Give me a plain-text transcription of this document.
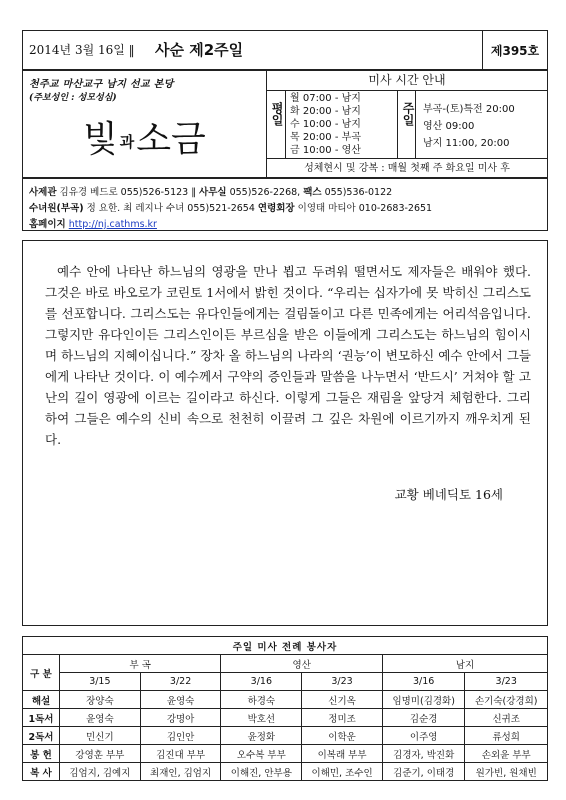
2014년 3월 16일 ‖ 사순 제2주일	제395호
천주교 마산교구 남지 선교 본당
(주보성인 : 성모성심)
빛과소금
미사 시간 안내
평일
월 07:00 - 남지
화 20:00 - 남지
수 10:00 - 남지
목 20:00 - 부곡
금 10:00 - 영산
주일 부곡-(토)특전 20:00
영산 09:00
남지 11:00, 20:00
성체현시 및 강복 : 매월 첫째 주 화요일 미사 후
사제관 김유경 베드로 055)526-5123 ‖ 사무실 055)526-2268, 팩스 055)536-0122
수녀원(부곡) 정 요한. 최 레지나 수녀 055)521-2654 연령회장 이영태 마티아 010-2683-2651
홈페이지 http://nj.cathms.kr
예수 안에 나타난 하느님의 영광을 만나 뵙고 두려워 떨면서도 제자들은 배워야 했다. 그것은 바로 바오로가 코린토 1서에서 밝힌 것이다. “우리는 십자가에 못 박히신 그리스도를 선포합니다. 그리스도는 유다인들에게는 걸림돌이고 다른 민족에게는 어리석음입니다. 그렇지만 유다인이든 그리스인이든 부르심을 받은 이들에게 그리스도는 하느님의 힘이시며 하느님의 지혜이십니다.” 장차 올 하느님의 나라의 ‘권능’이 변모하신 예수 안에서 그들에게 나타난 것이다. 이 예수께서 구약의 증인들과 말씀을 나누면서 ‘반드시’ 거쳐야 할 고난의 길이 영광에 이르는 길이라고 하신다. 이렇게 그들은 재림을 앞당겨 체험한다. 그리하여 그들은 예수의 신비 속으로 천천히 이끌려 그 깊은 차원에 이르기까지 깨우치게 된다.
교황 베네딕토 16세
주일 미사 전례 봉사자						
구 분	부 곡		영산		남지	
	3/15	3/22	3/16	3/23	3/16	3/23
해설	장양숙	윤영숙	하경숙	신기옥	임명미(김경화)	손기숙(강경희)
1독서	윤영숙	강명아	박호선	정미조	김순경	신귀조
2독서	민신기	김인안	윤정화	이학운	이주영	류성희
봉 헌	강영훈 부부	김진대 부부	오수복 부부	이복래 부부	김경자, 박진화	손외윤 부부
복 사	김엄지, 김예지	최재인, 김엄지	이해진, 안부용	이해민, 조수인	김준기, 이태경	원가빈, 원채빈
